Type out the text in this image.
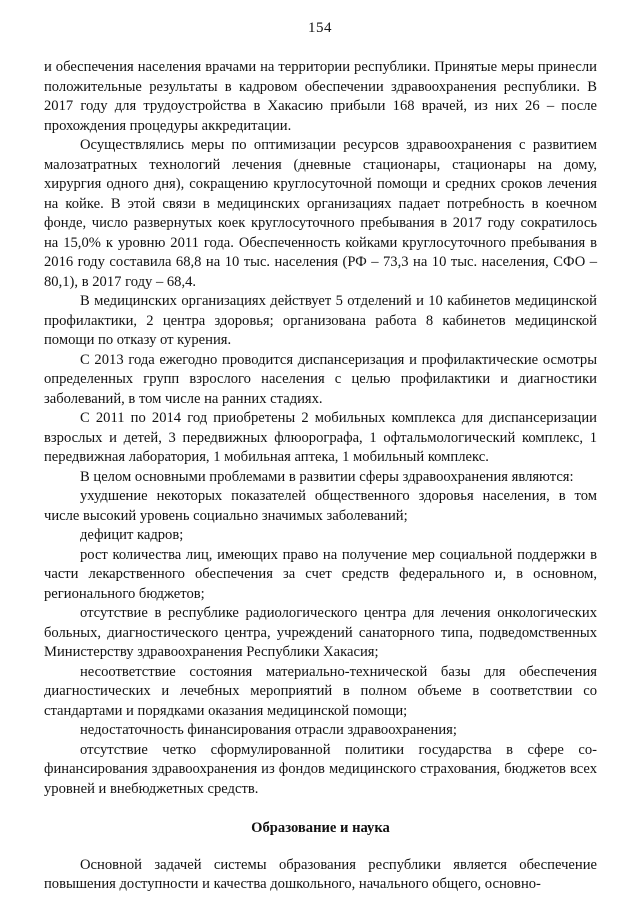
154

и обеспечения населения врачами на территории республики. Принятые меры принесли положительные результаты в кадровом обеспечении здравоохранения республики. В 2017 году для трудоустройства в Хакасию прибыли 168 врачей, из них 26 – после прохождения процедуры аккредитации.

Осуществлялись меры по оптимизации ресурсов здравоохранения с развитием малозатратных технологий лечения (дневные стационары, стационары на дому, хирургия одного дня), сокращению круглосуточной помощи и средних сроков лечения на койке. В этой связи в медицинских организациях падает потребность в коечном фонде, число развернутых коек круглосуточного пребывания в 2017 году сократилось на 15,0% к уровню 2011 года. Обеспеченность койками круглосуточного пребывания в 2016 году составила 68,8 на 10 тыс. населения (РФ – 73,3 на 10 тыс. населения, СФО – 80,1), в 2017 году – 68,4.

В медицинских организациях действует 5 отделений и 10 кабинетов медицинской профилактики, 2 центра здоровья; организована работа 8 кабинетов медицинской помощи по отказу от курения.

С 2013 года ежегодно проводится диспансеризация и профилактические осмотры определенных групп взрослого населения с целью профилактики и диагностики заболеваний, в том числе на ранних стадиях.

С 2011 по 2014 год приобретены 2 мобильных комплекса для диспансеризации взрослых и детей, 3 передвижных флюорографа, 1 офтальмологический комплекс, 1 передвижная лаборатория, 1 мобильная аптека, 1 мобильный комплекс.

В целом основными проблемами в развитии сферы здравоохранения являются:

ухудшение некоторых показателей общественного здоровья населения, в том числе высокий уровень социально значимых заболеваний;

дефицит кадров;

рост количества лиц, имеющих право на получение мер социальной поддержки в части лекарственного обеспечения за счет средств федерального и, в основном, регионального бюджетов;

отсутствие в республике радиологического центра для лечения онкологических больных, диагностического центра, учреждений санаторного типа, подведомственных Министерству здравоохранения Республики Хакасия;

несоответствие состояния материально-технической базы для обеспечения диагностических и лечебных мероприятий в полном объеме в соответствии со стандартами и порядками оказания медицинской помощи;

недостаточность финансирования отрасли здравоохранения;

отсутствие четко сформулированной политики государства в сфере софинансирования здравоохранения из фондов медицинского страхования, бюджетов всех уровней и внебюджетных средств.

Образование и наука

Основной задачей системы образования республики является обеспечение повышения доступности и качества дошкольного, начального общего, основно-
